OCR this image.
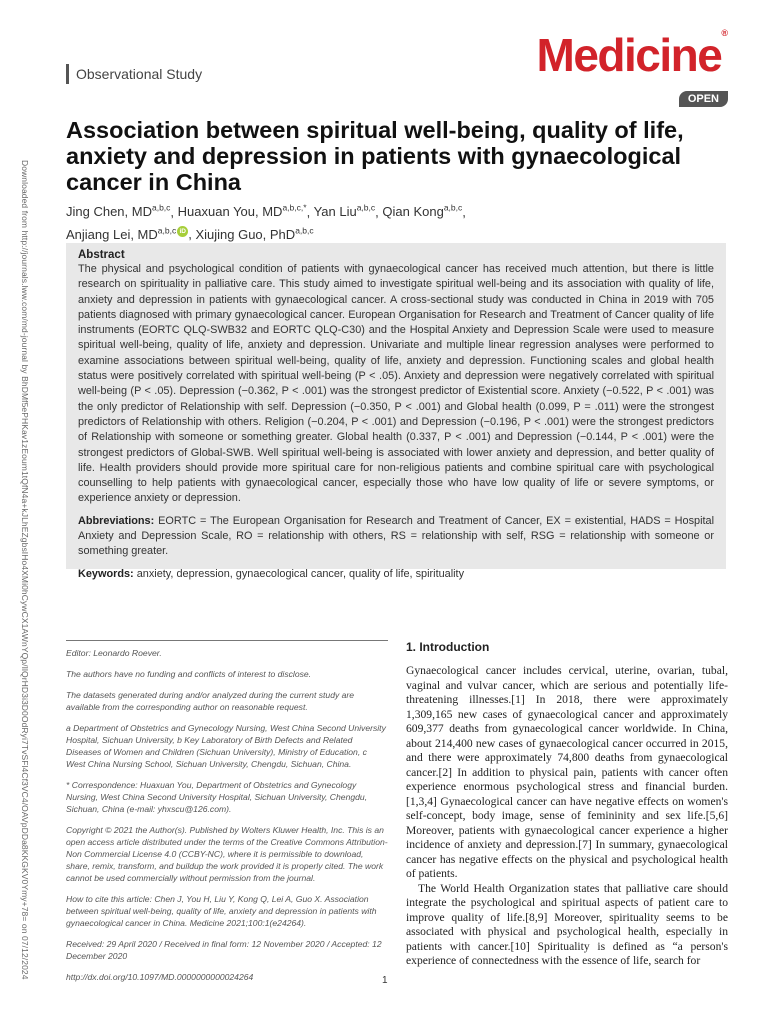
Downloaded from http://journals.lww.com/md-journal by BhDMf5ePHKav1zEoum1tQfN4a+kJLhEZgbsIHo4XMi0hCywCX1AWnYQp/IlQrHD3i3D0OdRyi7TvSFl4Cf3VC4/OAVpDDa8KKGKV0Ymy+78= on 07/12/2024
Observational Study	Medicine®
OPEN
Association between spiritual well-being, quality of life, anxiety and depression in patients with gynaecological cancer in China
Jing Chen, MD$^{a,b,c}$, Huaxuan You, $MD^{a,b,c,*}$, Yan Liu$^{a,b,c}$, Qian Kong$^{a,b,c}$,
Anjiang Lei, MD$^{a,b,c}$ iD , Xiujing Guo, PhD$^{a,b,c}$
Abstract

The physical and psychological condition of patients with gynaecological cancer has received much attention, but there is little research on spirituality in palliative care. This study aimed to investigate spiritual well-being and its association with quality of life, anxiety and depression in patients with gynaecological cancer. A cross-sectional study was conducted in China in 2019 with 705 patients diagnosed with primary gynaecological cancer. European Organisation for Research and Treatment of Cancer quality of life instruments (EORTC QLQ-SWB32 and EORTC QLQ-C30) and the Hospital Anxiety and Depression Scale were used to measure spiritual well-being, quality of life, anxiety and depression. Univariate and multiple linear regression analyses were performed to examine associations between spiritual well-being, quality of life, anxiety and depression. Functioning scales and global health status were positively correlated with spiritual well-being (P < .05). Anxiety and depression were negatively correlated with spiritual well-being (P < .05). Depression (−0.362, P < .001) was the strongest predictor of Existential score. Anxiety (−0.522, P < .001) was the only predictor of Relationship with self. Depression (−0.350, P < .001) and Global health (0.099, P = .011) were the strongest predictors of Relationship with others. Religion (−0.204, P < .001) and Depression (−0.196, P < .001) were the strongest predictors of Relationship with someone or something greater. Global health (0.337, P < .001) and Depression (−0.144, P < .001) were the strongest predictors of Global-SWB. Well spiritual well-being is associated with lower anxiety and depression, and better quality of life. Health providers should provide more spiritual care for non-religious patients and combine spiritual care with psychological counselling to help patients with gynaecological cancer, especially those who have low quality of life or severe symptoms, or experience anxiety or depression.

Abbreviations: EORTC = The European Organisation for Research and Treatment of Cancer, EX = existential, HADS = Hospital Anxiety and Depression Scale, RO = relationship with others, RS = relationship with self, RSG = relationship with someone or something greater.
Keywords: anxiety, depression, gynaecological cancer, quality of life, spirituality

Editor: Leonardo Roever.

The authors have no funding and conflicts of interest to disclose.

The datasets generated during and/or analyzed during the current study are available from the corresponding author on reasonable request.

a Department of Obstetrics and Gynecology Nursing, West China Second University Hospital, Sichuan University, b Key Laboratory of Birth Defects and Related Diseases of Women and Children (Sichuan University), Ministry of Education, c West China Nursing School, Sichuan University, Chengdu, Sichuan, China.

* Correspondence: Huaxuan You, Department of Obstetrics and Gynecology Nursing, West China Second University Hospital, Sichuan University, Chengdu, Sichuan, China (e-mail: yhxscu@126.com).

Copyright © 2021 the Author(s). Published by Wolters Kluwer Health, Inc. This is an open access article distributed under the terms of the Creative Commons Attribution-Non Commercial License 4.0 (CCBY-NC), where it is permissible to download, share, remix, transform, and buildup the work provided it is properly cited. The work cannot be used commercially without permission from the journal.

How to cite this article: Chen J, You H, Liu Y, Kong Q, Lei A, Guo X. Association between spiritual well-being, quality of life, anxiety and depression in patients with gynaecological cancer in China. Medicine 2021;100:1(e24264).

Received: 29 April 2020 / Received in final form: 12 November 2020 / Accepted: 12 December 2020

http://dx.doi.org/10.1097/MD.0000000000024264

1. Introduction

Gynaecological cancer includes cervical, uterine, ovarian, tubal, vaginal and vulvar cancer, which are serious and potentially life-threatening illnesses.[1] In 2018, there were approximately 1,309,165 new cases of gynaecological cancer and approximately 609,377 deaths from gynaecological cancer worldwide. In China, about 214,400 new cases of gynaecological cancer occurred in 2015, and there were approximately 74,800 deaths from gynaecological cancer.[2] In addition to physical pain, patients with cancer often experience enormous psychological stress and financial burden.[1,3,4] Gynaecological cancer can have negative effects on women's self-concept, body image, sense of femininity and sex life.[5,6] Moreover, patients with gynaecological cancer experience a higher incidence of anxiety and depression.[7] In summary, gynaecological cancer has negative effects on the physical and psychological health of patients.

The World Health Organization states that palliative care should integrate the psychological and spiritual aspects of patient care to improve quality of life.[8,9] Moreover, spirituality seems to be associated with physical and psychological health, especially in patients with cancer.[10] Spirituality is defined as “a person's experience of connectedness with the essence of life, search for

1
